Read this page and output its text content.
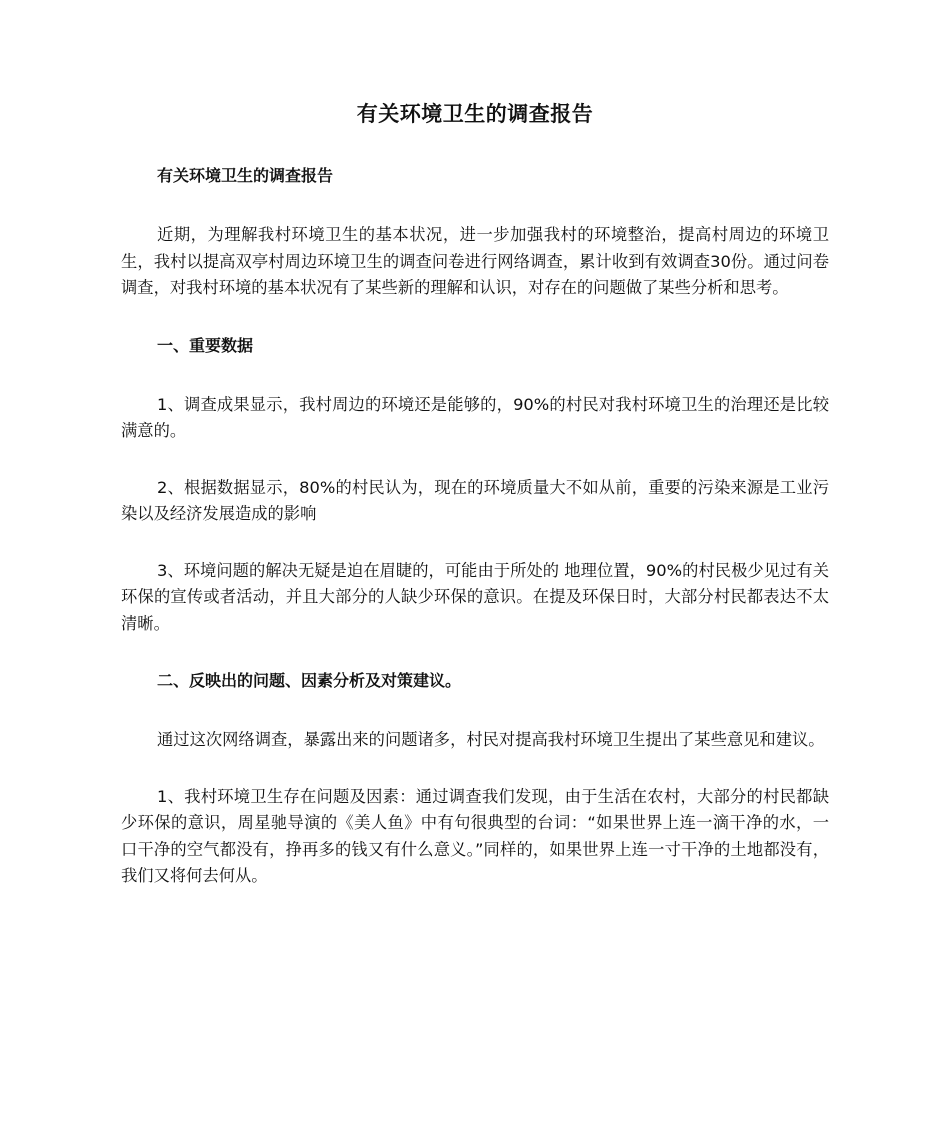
有关环境卫生的调查报告

有关环境卫生的调查报告

近期，为理解我村环境卫生的基本状况，进一步加强我村的环境整治，提高村周边的环境卫生，我村以提高双亭村周边环境卫生的调查问卷进行网络调查，累计收到有效调查30份。通过问卷调查，对我村环境的基本状况有了某些新的理解和认识，对存在的问题做了某些分析和思考。

一、重要数据

1、调查成果显示，我村周边的环境还是能够的，90%的村民对我村环境卫生的治理还是比较满意的。

2、根据数据显示，80%的村民认为，现在的环境质量大不如从前，重要的污染来源是工业污染以及经济发展造成的影响

3、环境问题的解决无疑是迫在眉睫的，可能由于所处的 地理位置，90%的村民极少见过有关环保的宣传或者活动，并且大部分的人缺少环保的意识。在提及环保日时，大部分村民都表达不太清晰。

二、反映出的问题、因素分析及对策建议。

通过这次网络调查，暴露出来的问题诸多，村民对提高我村环境卫生提出了某些意见和建议。

1、我村环境卫生存在问题及因素：通过调查我们发现，由于生活在农村，大部分的村民都缺少环保的意识，周星驰导演的《美人鱼》中有句很典型的台词：“如果世界上连一滴干净的水，一口干净的空气都没有，挣再多的钱又有什么意义。”同样的，如果世界上连一寸干净的土地都没有，我们又将何去何从。
